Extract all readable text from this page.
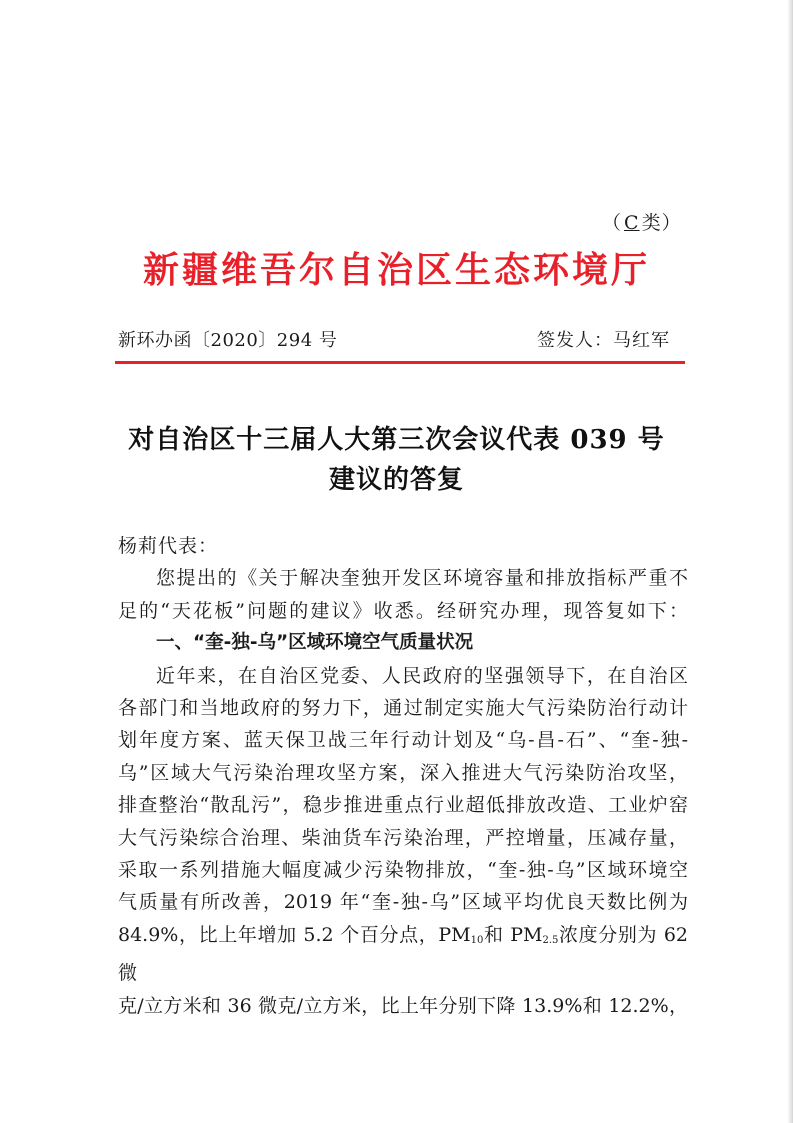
（ C 类）
新疆维吾尔自治区生态环境厅
新环办函〔2020〕294 号	签发人：马红军
对自治区十三届人大第三次会议代表 039 号
建议的答复

杨莉代表：

您提出的《关于解决奎独开发区环境容量和排放指标严重不

足的“天花板”问题的建议》收悉。经研究办理，现答复如下：

一、“奎-独-乌”区域环境空气质量状况

近年来，在自治区党委、人民政府的坚强领导下，在自治区

各部门和当地政府的努力下，通过制定实施大气污染防治行动计

划年度方案、蓝天保卫战三年行动计划及“乌-昌-石”、“奎-独-

乌”区域大气污染治理攻坚方案，深入推进大气污染防治攻坚，

排查整治“散乱污”，稳步推进重点行业超低排放改造、工业炉窑

大气污染综合治理、柴油货车污染治理，严控增量，压减存量，

采取一系列措施大幅度减少污染物排放，“奎-独-乌”区域环境空

气质量有所改善，2019 年“奎-独-乌”区域平均优良天数比例为

84.9%，比上年增加 5.2 个百分点，$PM_{10}$和 $PM_{2.5}$浓度分别为 62 微

克/立方米和 36 微克/立方米，比上年分别下降 13.9%和 12.2%，
